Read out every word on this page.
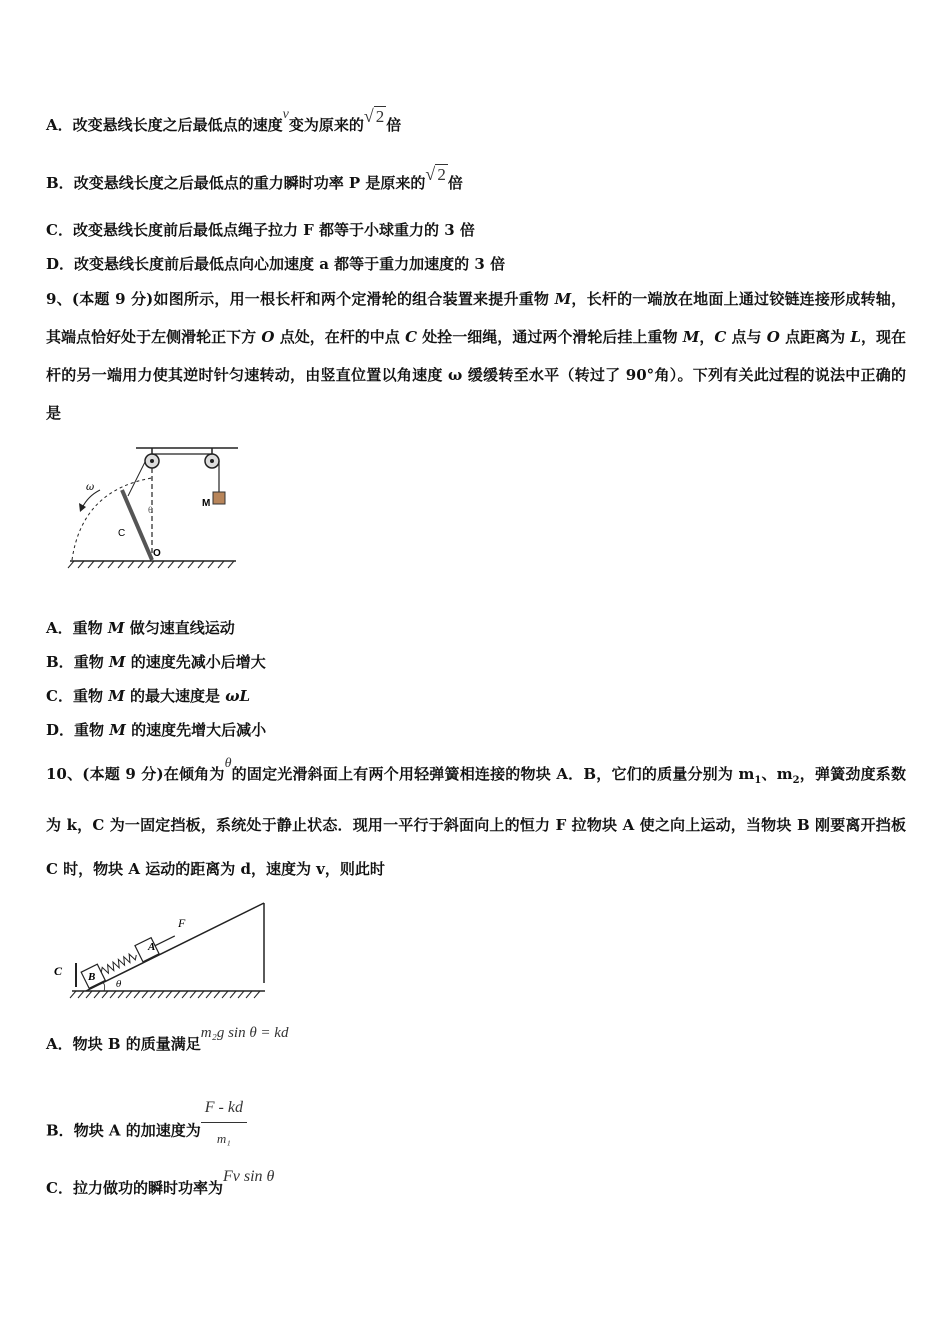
A．改变悬线长度之后最低点的速度v变为原来的√ 2 倍
B．改变悬线长度之后最低点的重力瞬时功率 P 是原来的√ 2 倍
C．改变悬线长度前后最低点绳子拉力 F 都等于小球重力的 3 倍
D．改变悬线长度前后最低点向心加速度 a 都等于重力加速度的 3 倍
9、(本题 9 分)如图所示，用一根长杆和两个定滑轮的组合装置来提升重物 M，长杆的一端放在地面上通过铰链连接形成转轴，其端点恰好处于左侧滑轮正下方 O 点处，在杆的中点 C 处拴一细绳，通过两个滑轮后挂上重物 M，C 点与 O 点距离为 L，现在杆的另一端用力使其逆时针匀速转动，由竖直位置以角速度 ω 缓缓转至水平（转过了 90°角）。下列有关此过程的说法中正确的是
M
ω
C
θ
O
A．重物 M 做匀速直线运动
B．重物 M 的速度先减小后增大
C．重物 M 的最大速度是 ωL
D．重物 M 的速度先增大后减小
10、(本题 9 分)在倾角为θ的固定光滑斜面上有两个用轻弹簧相连接的物块 A．B，它们的质量分别为 $m_1$、$m_2$，弹簧劲度系数为 k，C 为一固定挡板，系统处于静止状态．现用一平行于斜面向上的恒力 F 拉物块 A 使之向上运动，当物块 B 刚要离开挡板 C 时，物块 A 运动的距离为 d，速度为 v，则此时
B
A
F
C
θ
A．物块 B 的质量满足m₂g sin θ = kd
B．物块 A 的加速度为 $\frac{F - kd}{\text{m₁}}$
C．拉力做功的瞬时功率为Fv sin θ
